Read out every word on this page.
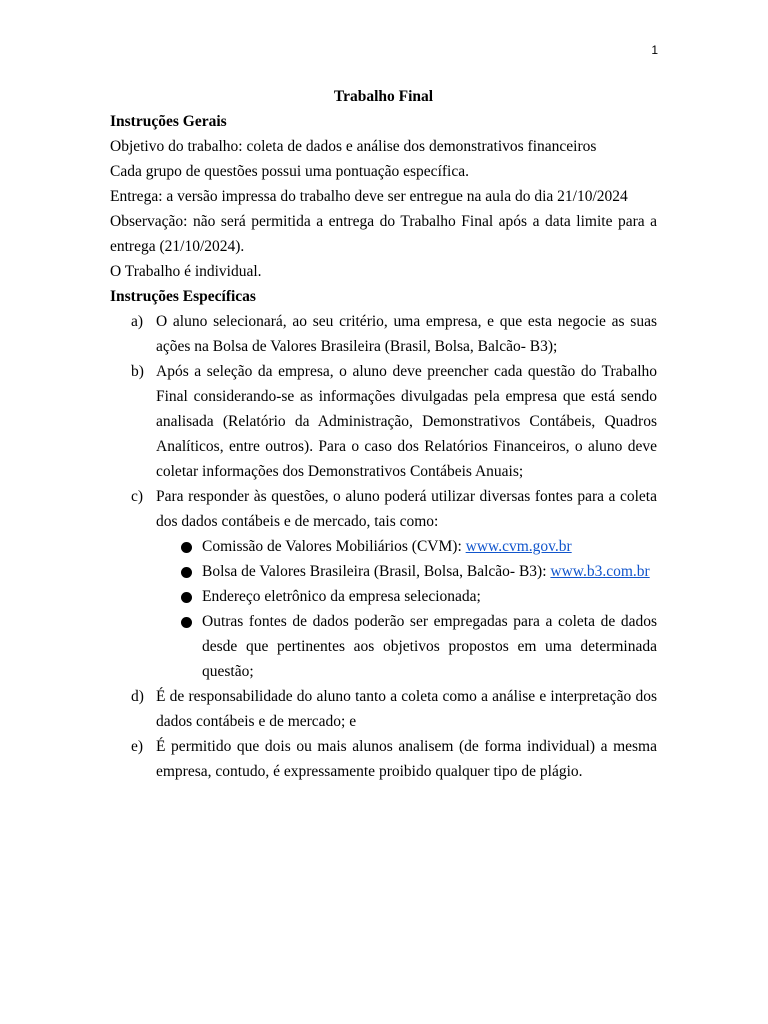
1

Trabalho Final

Instruções Gerais

Objetivo do trabalho: coleta de dados e análise dos demonstrativos financeiros

Cada grupo de questões possui uma pontuação específica.

Entrega: a versão impressa do trabalho deve ser entregue na aula do dia 21/10/2024

Observação: não será permitida a entrega do Trabalho Final após a data limite para a entrega (21/10/2024).

O Trabalho é individual.

Instruções Específicas

a) O aluno selecionará, ao seu critério, uma empresa, e que esta negocie as suas ações na Bolsa de Valores Brasileira (Brasil, Bolsa, Balcão- B3);
b) Após a seleção da empresa, o aluno deve preencher cada questão do Trabalho Final considerando-se as informações divulgadas pela empresa que está sendo analisada (Relatório da Administração, Demonstrativos Contábeis, Quadros Analíticos, entre outros). Para o caso dos Relatórios Financeiros, o aluno deve coletar informações dos Demonstrativos Contábeis Anuais;
c) Para responder às questões, o aluno poderá utilizar diversas fontes para a coleta dos dados contábeis e de mercado, tais como:
Comissão de Valores Mobiliários (CVM): www.cvm.gov.br
Bolsa de Valores Brasileira (Brasil, Bolsa, Balcão- B3): www.b3.com.br
Endereço eletrônico da empresa selecionada;
Outras fontes de dados poderão ser empregadas para a coleta de dados desde que pertinentes aos objetivos propostos em uma determinada questão;
d) É de responsabilidade do aluno tanto a coleta como a análise e interpretação dos dados contábeis e de mercado; e
e) É permitido que dois ou mais alunos analisem (de forma individual) a mesma empresa, contudo, é expressamente proibido qualquer tipo de plágio.
